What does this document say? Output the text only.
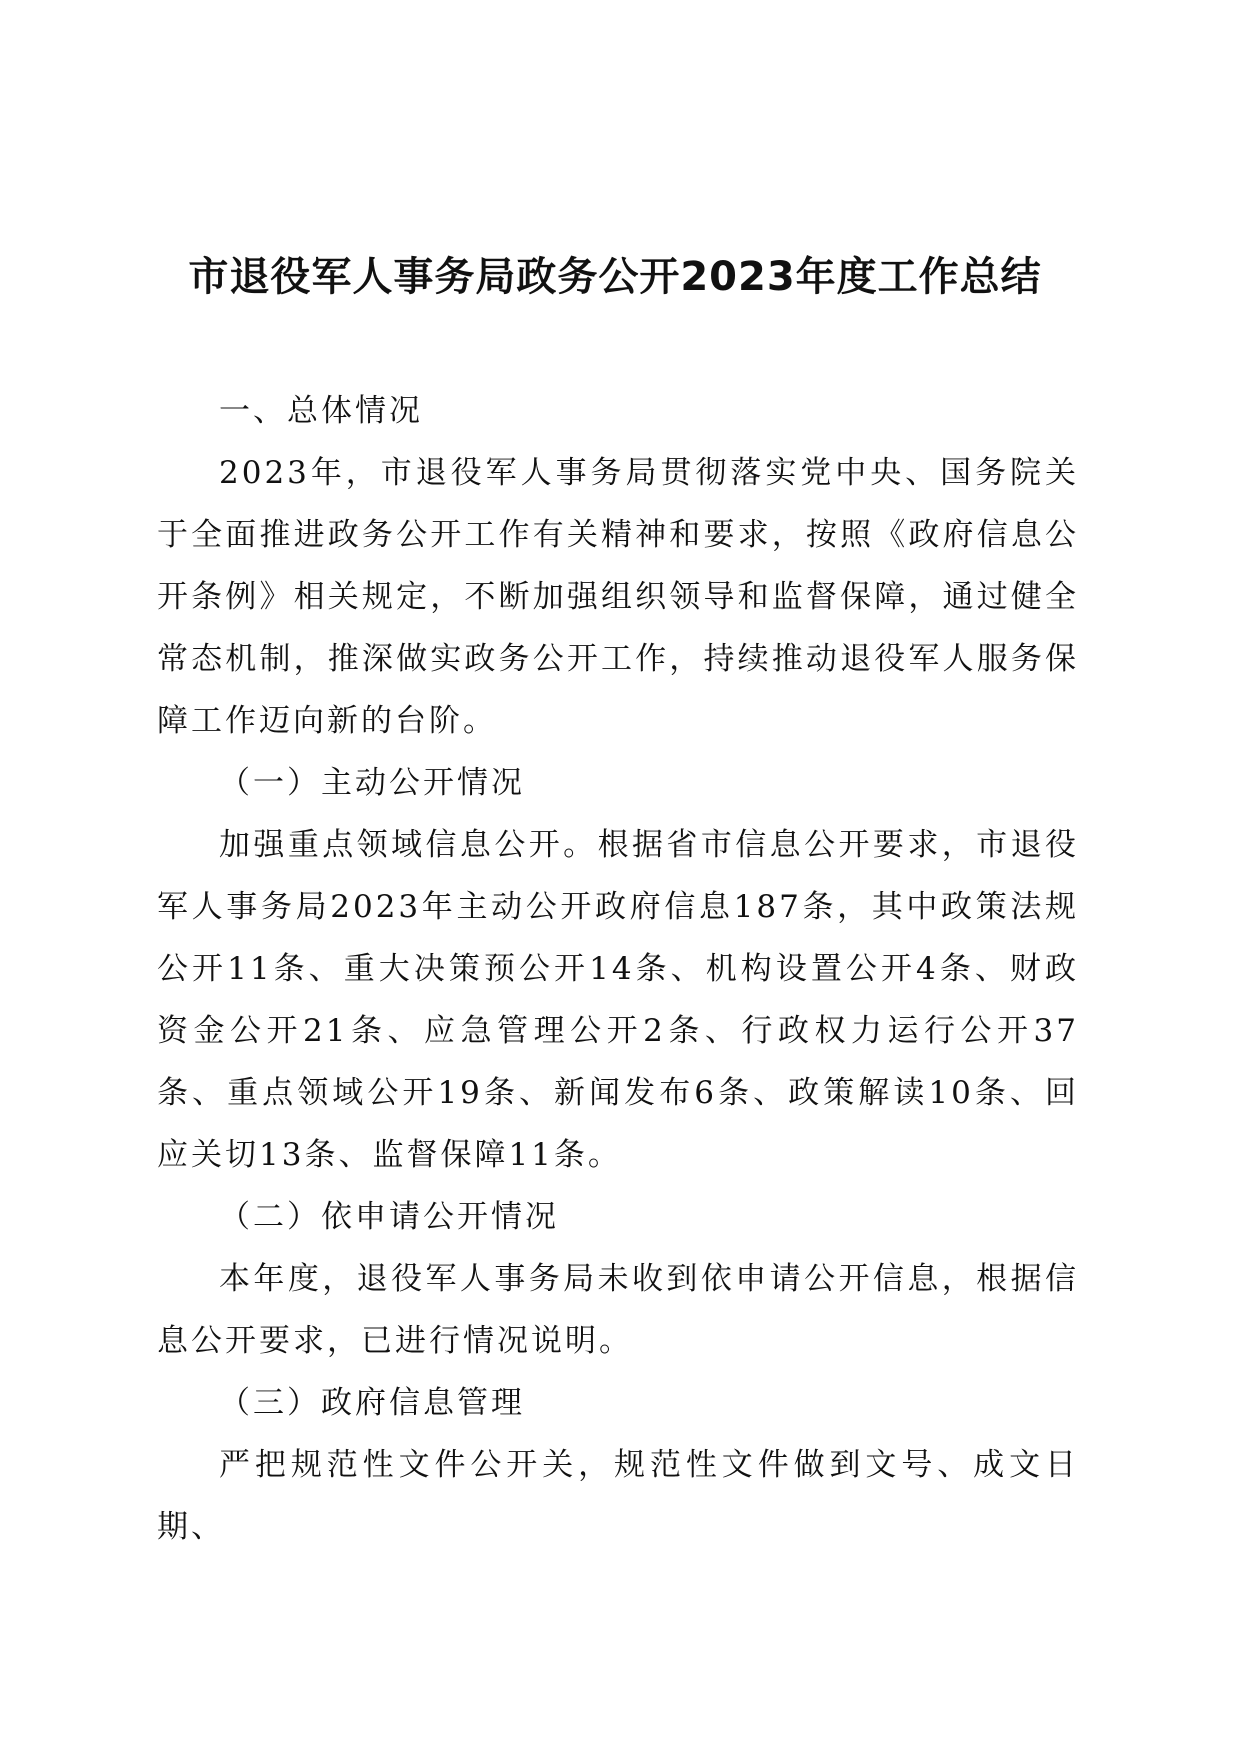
市退役军人事务局政务公开2023年度工作总结

一、总体情况

2023年，市退役军人事务局贯彻落实党中央、国务院关于全面推进政务公开工作有关精神和要求，按照《政府信息公开条例》相关规定，不断加强组织领导和监督保障，通过健全常态机制，推深做实政务公开工作，持续推动退役军人服务保障工作迈向新的台阶。

（一）主动公开情况

加强重点领域信息公开。根据省市信息公开要求，市退役军人事务局2023年主动公开政府信息187条，其中政策法规公开11条、重大决策预公开14条、机构设置公开4条、财政资金公开21条、应急管理公开2条、行政权力运行公开37条、重点领域公开19条、新闻发布6条、政策解读10条、回应关切13条、监督保障11条。

（二）依申请公开情况

本年度，退役军人事务局未收到依申请公开信息，根据信息公开要求，已进行情况说明。

（三）政府信息管理

严把规范性文件公开关，规范性文件做到文号、成文日期、
